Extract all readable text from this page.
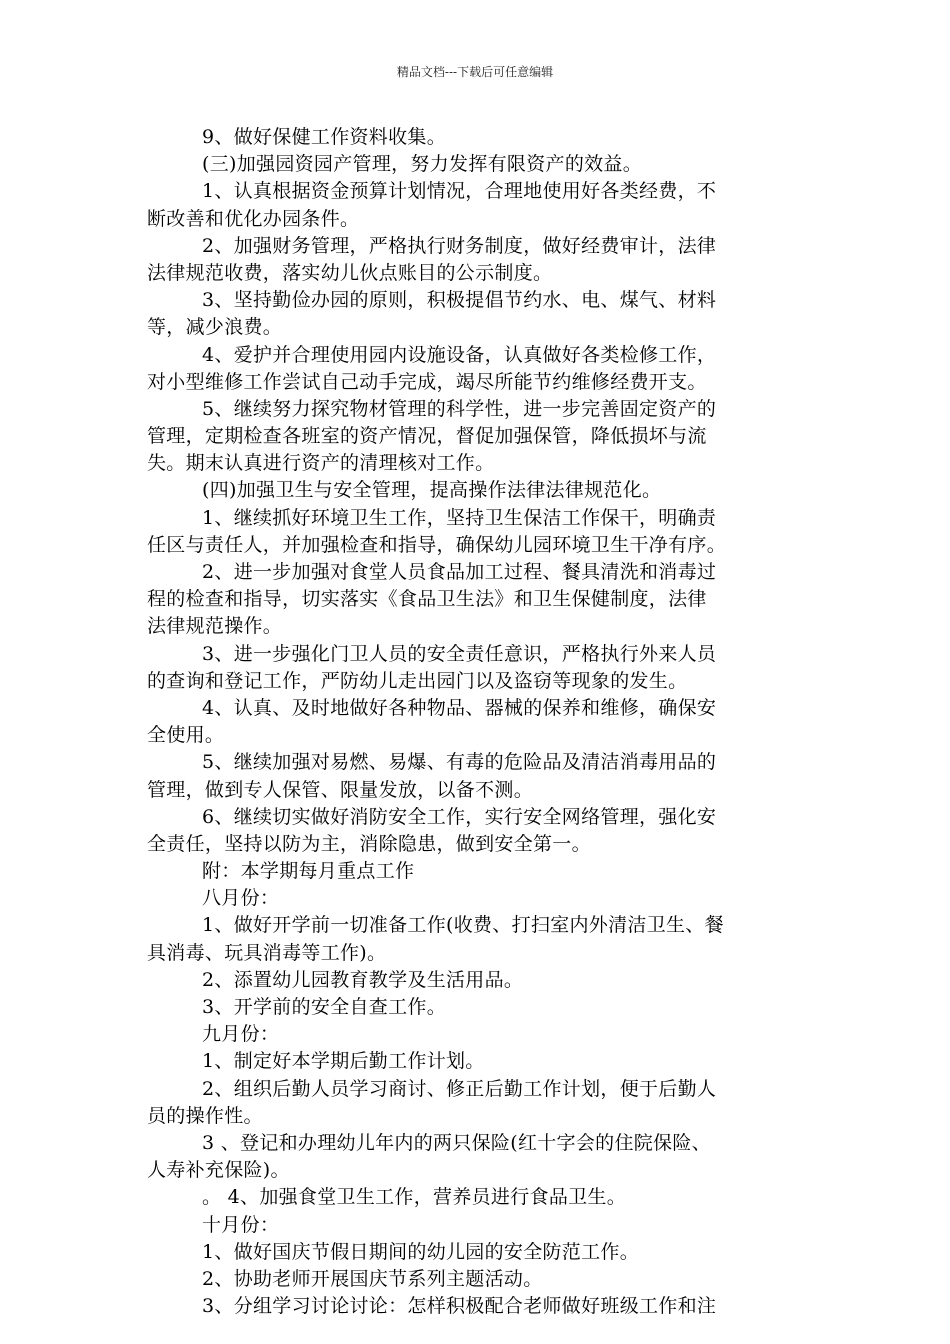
精品文档---下载后可任意编辑
9、做好保健工作资料收集。
(三)加强园资园产管理，努力发挥有限资产的效益。
1、认真根据资金预算计划情况，合理地使用好各类经费，不
断改善和优化办园条件。
2、加强财务管理，严格执行财务制度，做好经费审计，法律
法律规范收费，落实幼儿伙点账目的公示制度。
3、坚持勤俭办园的原则，积极提倡节约水、电、煤气、材料
等，减少浪费。
4、爱护并合理使用园内设施设备，认真做好各类检修工作，
对小型维修工作尝试自己动手完成，竭尽所能节约维修经费开支。
5、继续努力探究物材管理的科学性，进一步完善固定资产的
管理，定期检查各班室的资产情况，督促加强保管，降低损坏与流
失。期末认真进行资产的清理核对工作。
(四)加强卫生与安全管理，提高操作法律法律规范化。
1、继续抓好环境卫生工作，坚持卫生保洁工作保干，明确责
任区与责任人，并加强检查和指导，确保幼儿园环境卫生干净有序。
2、进一步加强对食堂人员食品加工过程、餐具清洗和消毒过
程的检查和指导，切实落实《食品卫生法》和卫生保健制度，法律
法律规范操作。
3、进一步强化门卫人员的安全责任意识，严格执行外来人员
的查询和登记工作，严防幼儿走出园门以及盗窃等现象的发生。
4、认真、及时地做好各种物品、器械的保养和维修，确保安
全使用。
5、继续加强对易燃、易爆、有毒的危险品及清洁消毒用品的
管理，做到专人保管、限量发放，以备不测。
6、继续切实做好消防安全工作，实行安全网络管理，强化安
全责任，坚持以防为主，消除隐患，做到安全第一。
附：本学期每月重点工作
八月份：
1、做好开学前一切准备工作(收费、打扫室内外清洁卫生、餐
具消毒、玩具消毒等工作)。
2、添置幼儿园教育教学及生活用品。
3、开学前的安全自查工作。
九月份：
1、制定好本学期后勤工作计划。
2、组织后勤人员学习商讨、修正后勤工作计划，便于后勤人
员的操作性。
3 、登记和办理幼儿年内的两只保险(红十字会的住院保险、
人寿补充保险)。
。 4、加强食堂卫生工作，营养员进行食品卫生。
十月份：
1、做好国庆节假日期间的幼儿园的安全防范工作。
2、协助老师开展国庆节系列主题活动。
3、分组学习讨论讨论：怎样积极配合老师做好班级工作和注
